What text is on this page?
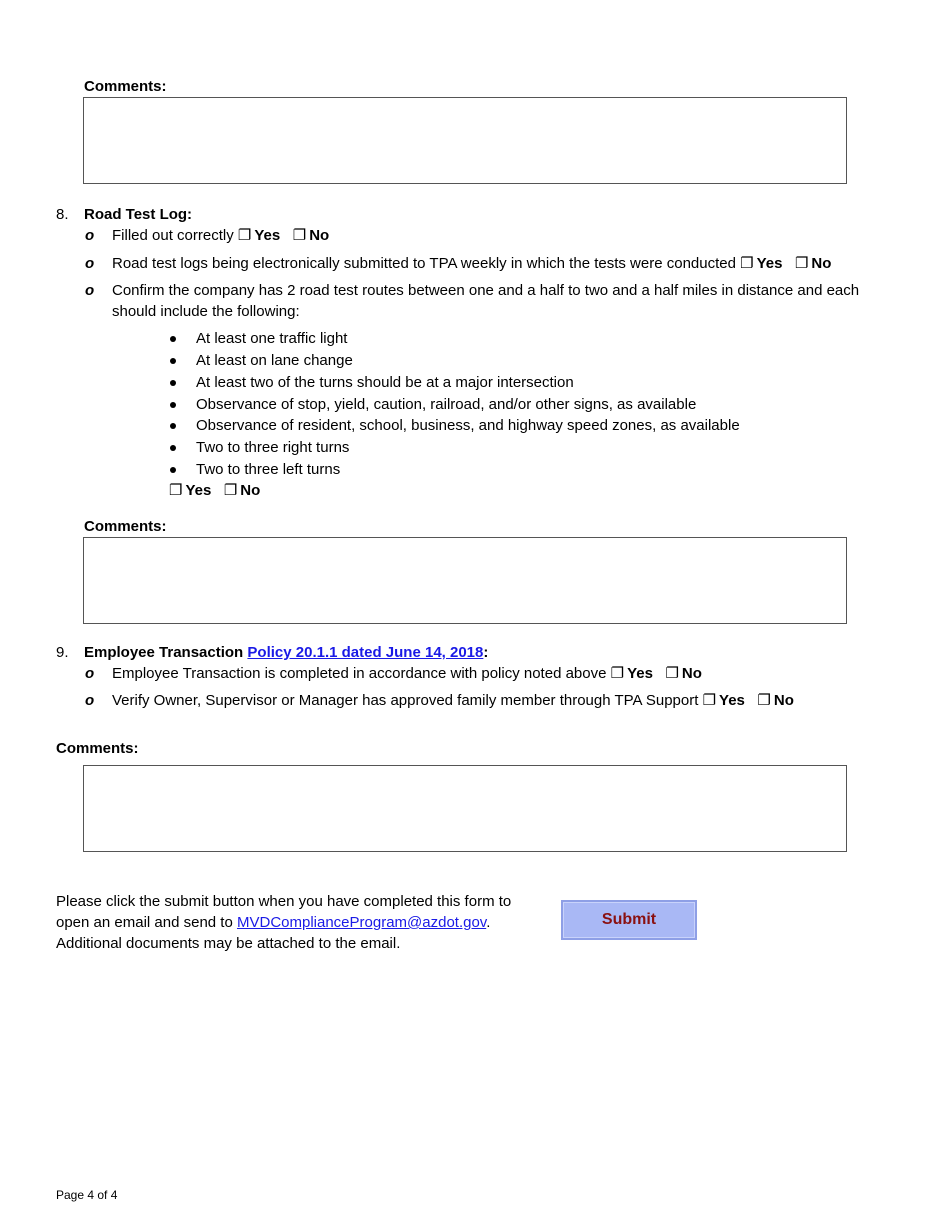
Comments:
8. Road Test Log:
o Filled out correctly ❐ Yes ❐ No
o Road test logs being electronically submitted to TPA weekly in which the tests were conducted ❐ Yes ❐ No
o Confirm the company has 2 road test routes between one and a half to two and a half miles in distance and each
should include the following:
At least one traffic light
At least on lane change
At least two of the turns should be at a major intersection
Observance of stop, yield, caution, railroad, and/or other signs, as available
Observance of resident, school, business, and highway speed zones, as available
Two to three right turns
Two to three left turns
❐ Yes ❐ No
Comments:
9. Employee Transaction Policy 20.1.1 dated June 14, 2018:
o Employee Transaction is completed in accordance with policy noted above ❐ Yes ❐ No
o Verify Owner, Supervisor or Manager has approved family member through TPA Support ❐ Yes ❐ No
Comments:
Please click the submit button when you have completed this form to
open an email and send to MVDComplianceProgram@azdot.gov.
Additional documents may be attached to the email.
Submit
Page 4 of 4
